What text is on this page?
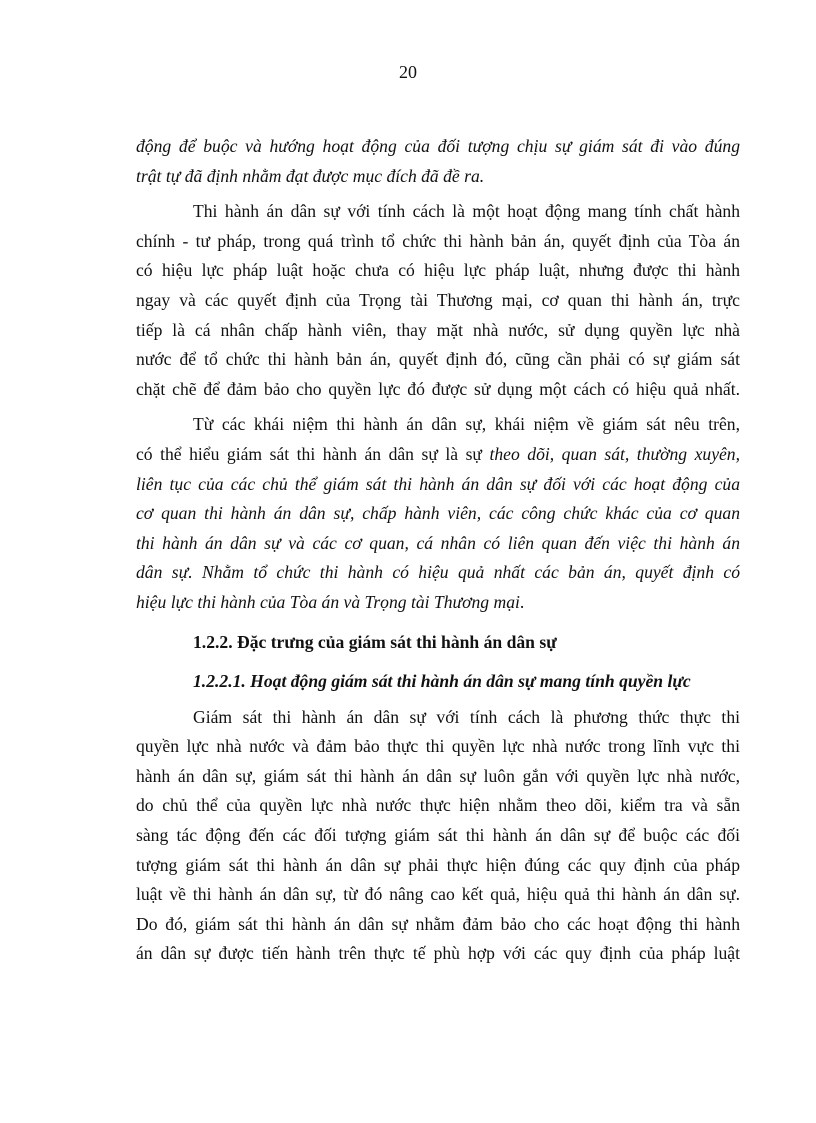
20
động để buộc và hướng hoạt động của đối tượng chịu sự giám sát đi vào đúng
trật tự đã định nhằm đạt được mục đích đã đề ra.
Thi hành án dân sự với tính cách là một hoạt động mang tính chất hành
chính - tư pháp, trong quá trình tổ chức thi hành bản án, quyết định của Tòa án
có hiệu lực pháp luật hoặc chưa có hiệu lực pháp luật, nhưng được thi hành
ngay và các quyết định của Trọng tài Thương mại, cơ quan thi hành án, trực
tiếp là cá nhân chấp hành viên, thay mặt nhà nước, sử dụng quyền lực nhà
nước để tổ chức thi hành bản án, quyết định đó, cũng cần phải có sự giám sát
chặt chẽ để đảm bảo cho quyền lực đó được sử dụng một cách có hiệu quả nhất.
Từ các khái niệm thi hành án dân sự, khái niệm về giám sát nêu trên,
có thể hiểu giám sát thi hành án dân sự là sự theo dõi, quan sát, thường xuyên,
liên tục của các chủ thể giám sát thi hành án dân sự đối với các hoạt động của
cơ quan thi hành án dân sự, chấp hành viên, các công chức khác của cơ quan
thi hành án dân sự và các cơ quan, cá nhân có liên quan đến việc thi hành án
dân sự. Nhằm tổ chức thi hành có hiệu quả nhất các bản án, quyết định có
hiệu lực thi hành của Tòa án và Trọng tài Thương mại.
1.2.2. Đặc trưng của giám sát thi hành án dân sự
1.2.2.1. Hoạt động giám sát thi hành án dân sự mang tính quyền lực
Giám sát thi hành án dân sự với tính cách là phương thức thực thi
quyền lực nhà nước và đảm bảo thực thi quyền lực nhà nước trong lĩnh vực thi
hành án dân sự, giám sát thi hành án dân sự luôn gắn với quyền lực nhà nước,
do chủ thể của quyền lực nhà nước thực hiện nhằm theo dõi, kiểm tra và sẵn
sàng tác động đến các đối tượng giám sát thi hành án dân sự để buộc các đối
tượng giám sát thi hành án dân sự phải thực hiện đúng các quy định của pháp
luật về thi hành án dân sự, từ đó nâng cao kết quả, hiệu quả thi hành án dân sự.
Do đó, giám sát thi hành án dân sự nhằm đảm bảo cho các hoạt động thi hành
án dân sự được tiến hành trên thực tế phù hợp với các quy định của pháp luật
